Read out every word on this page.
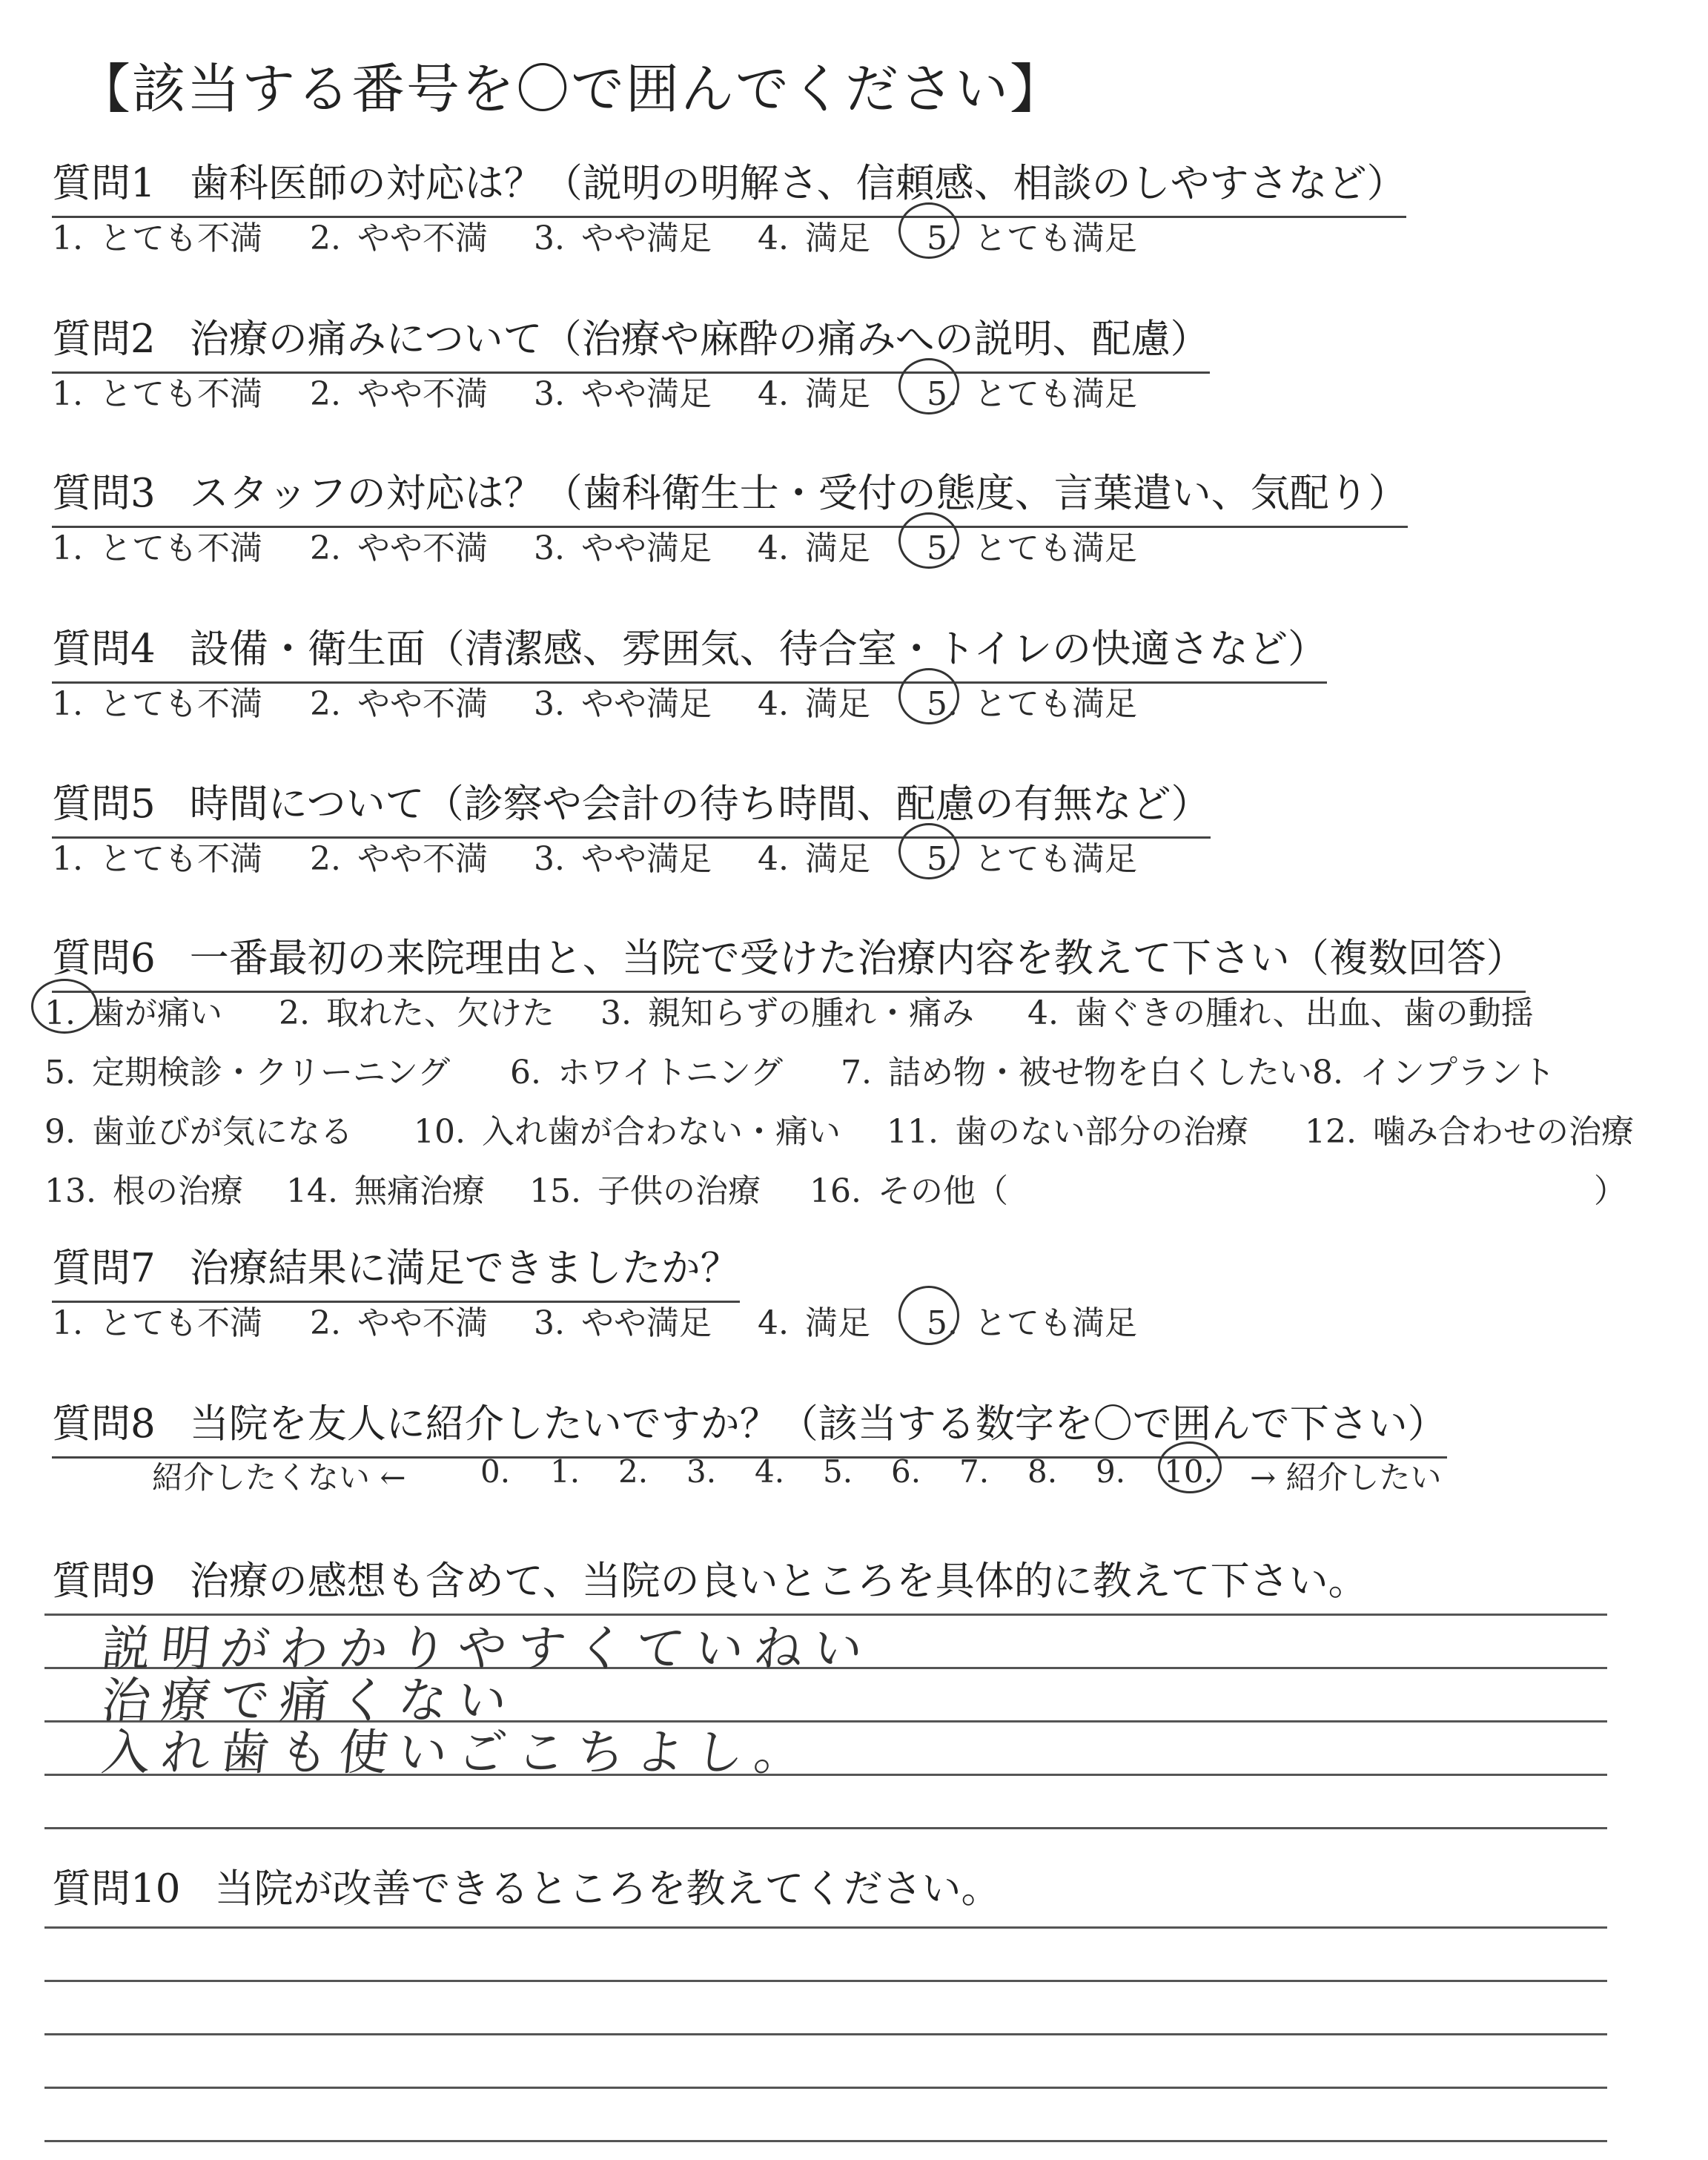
【該当する番号を〇で囲んでください】
質問1 歯科医師の対応は？（説明の明解さ、信頼感、相談のしやすさなど）
1. とても不満 2. やや不満 3. やや満足 4. 満足 5. とても満足
質問2 治療の痛みについて（治療や麻酔の痛みへの説明、配慮）
1. とても不満 2. やや不満 3. やや満足 4. 満足 5. とても満足
質問3 スタッフの対応は？（歯科衛生士・受付の態度、言葉遣い、気配り）
1. とても不満 2. やや不満 3. やや満足 4. 満足 5. とても満足
質問4 設備・衛生面（清潔感、雰囲気、待合室・トイレの快適さなど）
1. とても不満 2. やや不満 3. やや満足 4. 満足 5. とても満足
質問5 時間について（診察や会計の待ち時間、配慮の有無など）
1. とても不満 2. やや不満 3. やや満足 4. 満足 5. とても満足
質問6 一番最初の来院理由と、当院で受けた治療内容を教えて下さい（複数回答）
1. 歯が痛い 2. 取れた、欠けた 3. 親知らずの腫れ・痛み 4. 歯ぐきの腫れ、出血、歯の動揺
5. 定期検診・クリーニング 6. ホワイトニング 7. 詰め物・被せ物を白くしたい 8. インプラント
9. 歯並びが気になる 10. 入れ歯が合わない・痛い 11. 歯のない部分の治療 12. 噛み合わせの治療
13. 根の治療 14. 無痛治療 15. 子供の治療 16. その他（	）
質問7 治療結果に満足できましたか？
1. とても不満 2. やや不満 3. やや満足 4. 満足 5. とても満足
質問8 当院を友人に紹介したいですか？（該当する数字を〇で囲んで下さい）
紹介したくない ← 0. 1. 2. 3. 4. 5. 6. 7. 8. 9. 10. → 紹介したい
質問9 治療の感想も含めて、当院の良いところを具体的に教えて下さい。
説明がわかりやすくていねい
治療で痛くない
入れ歯も使いごこちよし。
質問10 当院が改善できるところを教えてください。
